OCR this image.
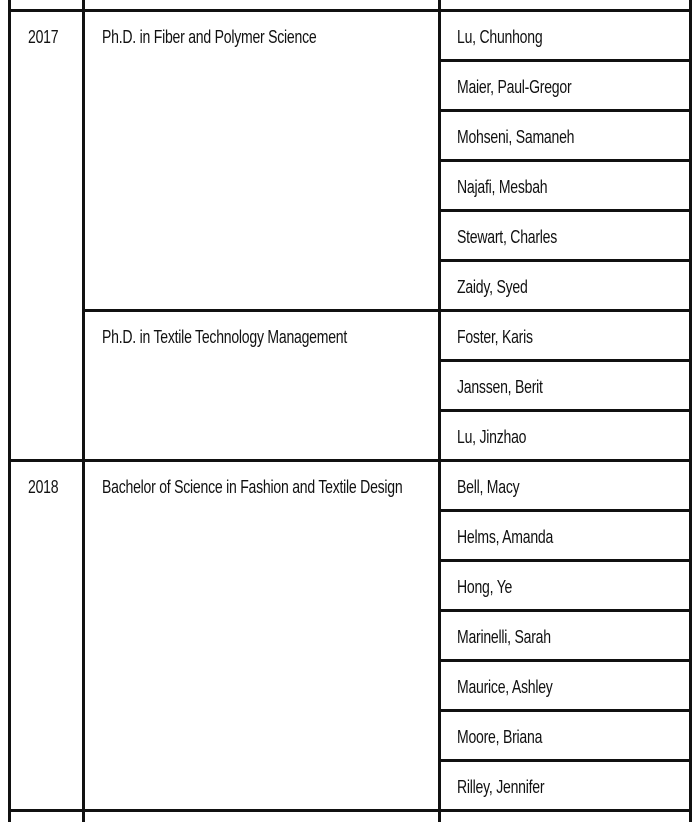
2017	Ph.D. in Fiber and Polymer Science	Lu, Chunhong
		Maier, Paul-Gregor
		Mohseni, Samaneh
		Najafi, Mesbah
		Stewart, Charles
		Zaidy, Syed
	Ph.D. in Textile Technology Management	Foster, Karis
		Janssen, Berit
		Lu, Jinzhao
2018	Bachelor of Science in Fashion and Textile Design	Bell, Macy
		Helms, Amanda
		Hong, Ye
		Marinelli, Sarah
		Maurice, Ashley
		Moore, Briana
		Rilley, Jennifer
